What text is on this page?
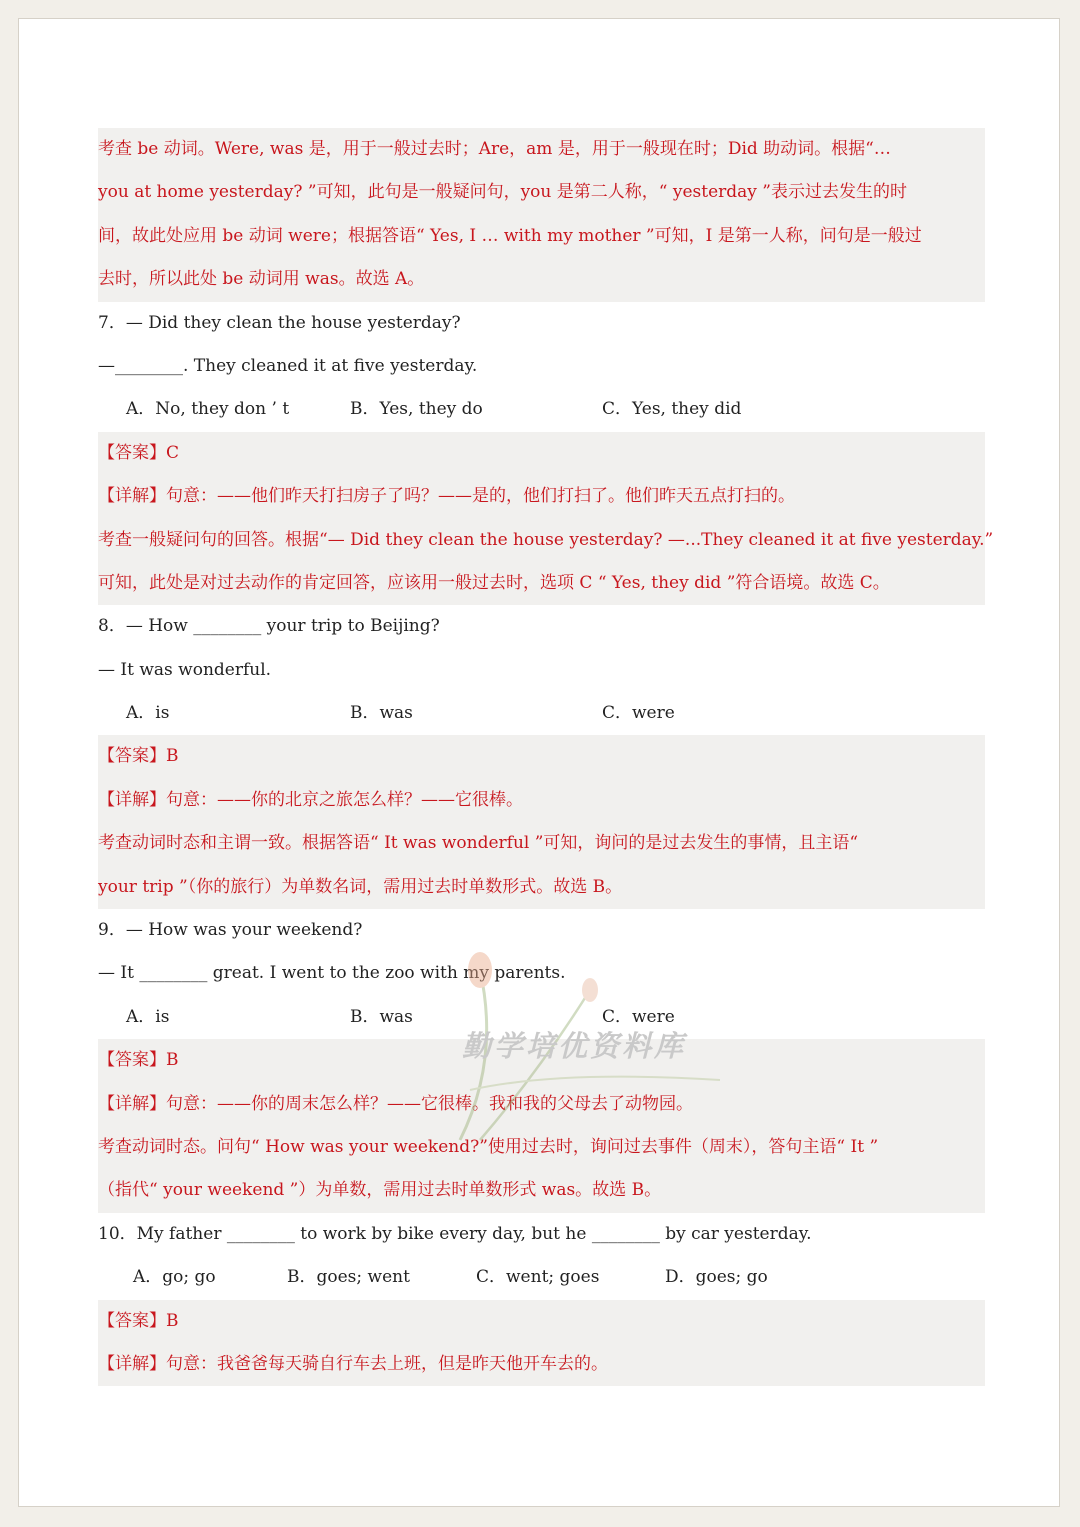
考查 be 动词。Were, was 是，用于一般过去时；Are，am 是，用于一般现在时；Did 助动词。根据“…
you at home yesterday? ”可知，此句是一般疑问句，you 是第二人称，“ yesterday ”表示过去发生的时
间，故此处应用 be 动词 were；根据答语“ Yes, I … with my mother ”可知，I 是第一人称，问句是一般过
去时，所以此处 be 动词用 was。故选 A。
7．— Did they clean the house yesterday?
—________. They cleaned it at five yesterday.
A．No, they don ’ t	B．Yes, they do	C．Yes, they did
【答案】C
【详解】句意：——他们昨天打扫房子了吗？——是的，他们打扫了。他们昨天五点打扫的。
考查一般疑问句的回答。根据“— Did they clean the house yesterday? —...They cleaned it at five yesterday.”
可知，此处是对过去动作的肯定回答，应该用一般过去时，选项 C “ Yes, they did ”符合语境。故选 C。
8．— How ________ your trip to Beijing?
— It was wonderful.
A．is	B．was	C．were
【答案】B
【详解】句意：——你的北京之旅怎么样？——它很棒。
考查动词时态和主谓一致。根据答语“ It was wonderful ”可知，询问的是过去发生的事情，且主语“
your trip ”（你的旅行）为单数名词，需用过去时单数形式。故选 B。
9．— How was your weekend?
— It ________ great. I went to the zoo with my parents.
A．is	B．was	C．were
【答案】B
【详解】句意：——你的周末怎么样？——它很棒。我和我的父母去了动物园。
考查动词时态。问句“ How was your weekend?”使用过去时，询问过去事件（周末），答句主语“ It ”
（指代“ your weekend ”）为单数，需用过去时单数形式 was。故选 B。
10．My father ________ to work by bike every day, but he ________ by car yesterday.
A．go; go	B．goes; went	C．went; goes	D．goes; go
【答案】B
【详解】句意：我爸爸每天骑自行车去上班，但是昨天他开车去的。
勤学培优资料库
